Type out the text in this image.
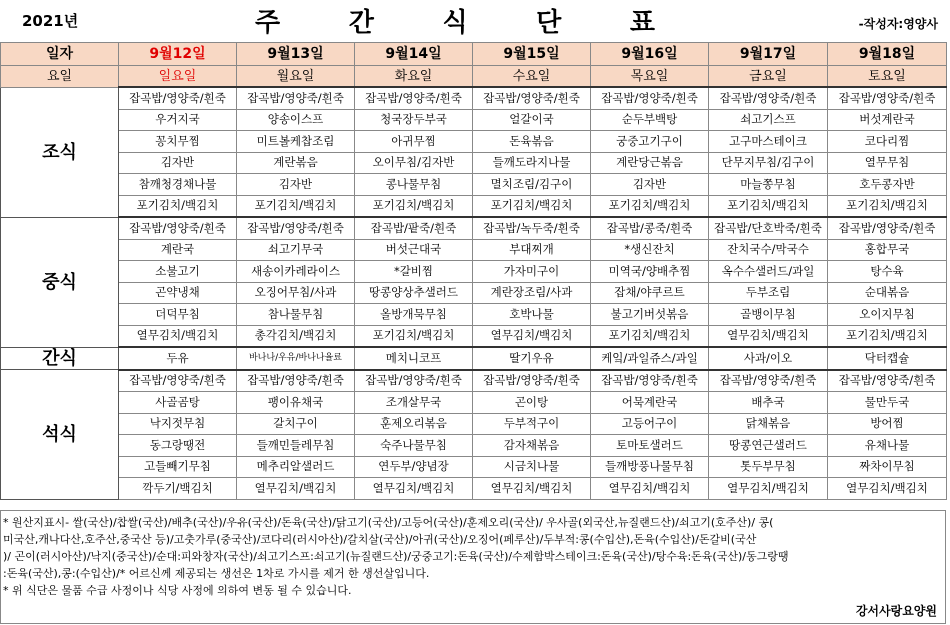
2021년	주	간	식	단	표	-작성자:영양사
일자	9월12일	9월13일	9월14일	9월15일	9월16일	9월17일	9월18일
요일	일요일	월요일	화요일	수요일	목요일	금요일	토요일
조식	잡곡밥/영양죽/흰죽	잡곡밥/영양죽/흰죽	잡곡밥/영양죽/흰죽	잡곡밥/영양죽/흰죽	잡곡밥/영양죽/흰죽	잡곡밥/영양죽/흰죽	잡곡밥/영양죽/흰죽
	우거지국	양송이스프	청국장두부국	얼갈이국	순두부백탕	쇠고기스프	버섯계란국
	꽁치무찜	미트볼케찹조림	아귀무찜	돈육볶음	궁중고기구이	고구마스테이크	코다리찜
	김자반	계란볶음	오이무침/김자반	들깨도라지나물	계란당근볶음	단무지무침/김구이	열무무침
	참깨청경채나물	김자반	콩나물무침	멸치조림/김구이	김자반	마늘쫑무침	호두콩자반
	포기김치/백김치	포기김치/백김치	포기김치/백김치	포기김치/백김치	포기김치/백김치	포기김치/백김치	포기김치/백김치
중식	잡곡밥/영양죽/흰죽	잡곡밥/영양죽/흰죽	잡곡밥/팥죽/흰죽	잡곡밥/녹두죽/흰죽	잡곡밥/콩죽/흰죽	잡곡밥/단호박죽/흰죽	잡곡밥/영양죽/흰죽
	계란국	쇠고기무국	버섯근대국	부대찌개	*생신잔치	잔치국수/막국수	홍합무국
	소불고기	새송이카레라이스	*갈비찜	가자미구이	미역국/양배추찜	옥수수샐러드/과일	탕수육
	곤약냉채	오징어무침/사과	땅콩양상추샐러드	계란장조림/사과	잡채/야쿠르트	두부조림	순대볶음
	더덕무침	참나물무침	올방개묵무침	호박나물	불고기버섯볶음	골뱅이무침	오이지무침
	열무김치/백김치	총각김치/백김치	포기김치/백김치	열무김치/백김치	포기김치/백김치	열무김치/백김치	포기김치/백김치
간식	두유	바나나/우유/바나나율료	메치니코프	딸기우유	케잌/과일쥬스/과일	사과/이오	닥터캡슐
석식	잡곡밥/영양죽/흰죽	잡곡밥/영양죽/흰죽	잡곡밥/영양죽/흰죽	잡곡밥/영양죽/흰죽	잡곡밥/영양죽/흰죽	잡곡밥/영양죽/흰죽	잡곡밥/영양죽/흰죽
	사골곰탕	팽이유채국	조개살무국	곤이탕	어묵계란국	배추국	물만두국
	낙지젓무침	갈치구이	훈제오리볶음	두부적구이	고등어구이	닭채볶음	방어찜
	동그랑땡전	들깨민들레무침	숙주나물무침	감자채볶음	토마토샐러드	땅콩연근샐러드	유채나물
	고들빼기무침	메추리알샐러드	연두부/양념장	시금치나물	들깨방풍나물무침	톳두부무침	짜차이무침
	깍두기/백김치	열무김치/백김치	열무김치/백김치	열무김치/백김치	열무김치/백김치	열무김치/백김치	열무김치/백김치

* 원산지표시- 쌀(국산)/찹쌀(국산)/배추(국산)/우유(국산)/돈육(국산)/닭고기(국산)/고등어(국산)/훈제오리(국산)/ 우사골(외국산,뉴질랜드산)/쇠고기(호주산)/ 콩(

미국산,캐나다산,호주산,중국산 등)/고춧가루(중국산)/코다리(러시아산)/갈치살(국산)/아귀(국산)/오징어(페루산)/두부적:콩(수입산),돈육(수입산)/돈갈비(국산

)/ 곤이(러시아산)/낙지(중국산)/순대:피와창자(국산)/쇠고기스프:쇠고기(뉴질랜드산)/궁중고기:돈육(국산)/수제함박스테이크:돈육(국산)/탕수육:돈육(국산)/동그랑땡

:돈육(국산),콩:(수입산)/* 어르신께 제공되는 생선은 1차로 가시를 제거 한 생선살입니다.

* 위 식단은 물품 수급 사정이나 식당 사정에 의하여 변동 될 수 있습니다.

강서사랑요양원
